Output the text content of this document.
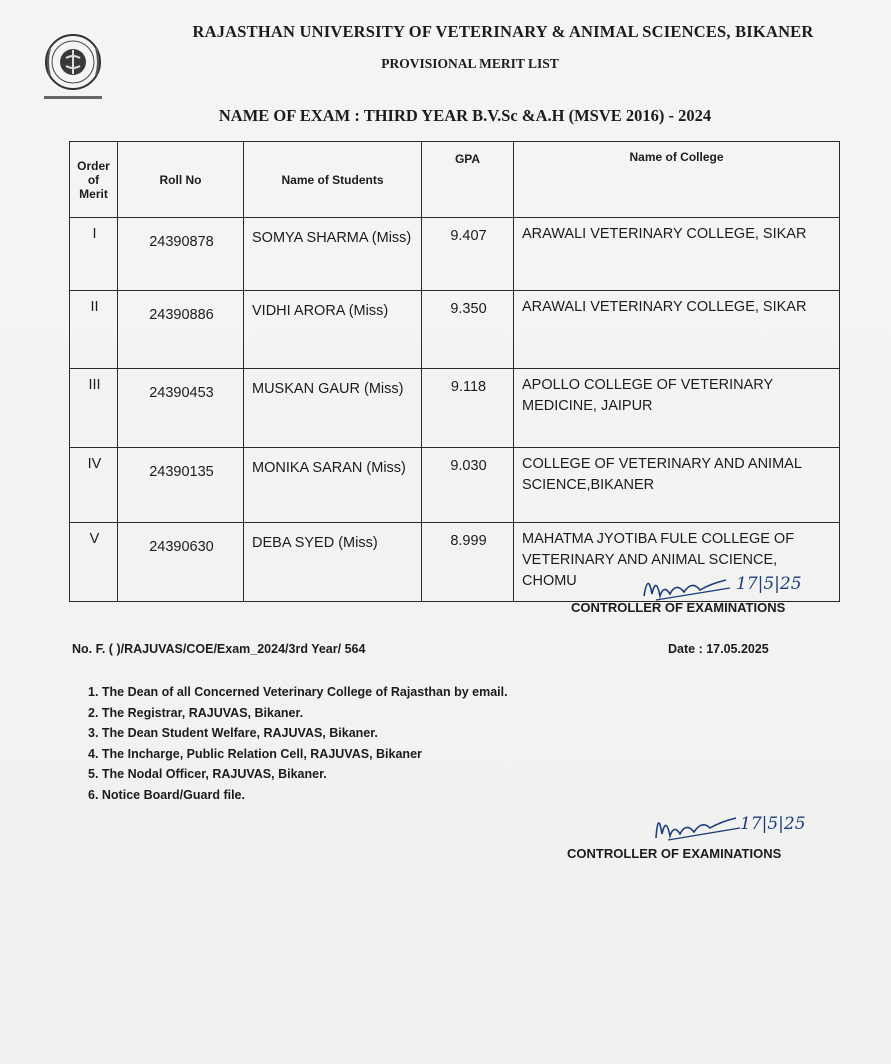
RAJASTHAN UNIVERSITY OF VETERINARY & ANIMAL SCIENCES, BIKANER
PROVISIONAL MERIT LIST
NAME OF EXAM : THIRD YEAR B.V.Sc &A.H (MSVE 2016) - 2024
Order
of
Merit	Roll No	Name of Students	GPA	Name of College
I	24390878	SOMYA SHARMA (Miss)	9.407	ARAWALI VETERINARY COLLEGE, SIKAR
II	24390886	VIDHI ARORA (Miss)	9.350	ARAWALI VETERINARY COLLEGE, SIKAR
III	24390453	MUSKAN GAUR (Miss)	9.118	APOLLO COLLEGE OF VETERINARY MEDICINE, JAIPUR
IV	24390135	MONIKA SARAN (Miss)	9.030	COLLEGE OF VETERINARY AND ANIMAL SCIENCE,BIKANER
V	24390630	DEBA SYED (Miss)	8.999	MAHATMA JYOTIBA FULE COLLEGE OF VETERINARY AND ANIMAL SCIENCE, CHOMU	17|5|25
CONTROLLER OF EXAMINATIONS
No. F. ( )/RAJUVAS/COE/Exam_2024/3rd Year/ 564	Date : 17.05.2025
1. The Dean of all Concerned Veterinary College of Rajasthan by email.
2. The Registrar, RAJUVAS, Bikaner.
3. The Dean Student Welfare, RAJUVAS, Bikaner.
4. The Incharge, Public Relation Cell, RAJUVAS, Bikaner
5. The Nodal Officer, RAJUVAS, Bikaner.
6. Notice Board/Guard file.
17|5|25
CONTROLLER OF EXAMINATIONS
